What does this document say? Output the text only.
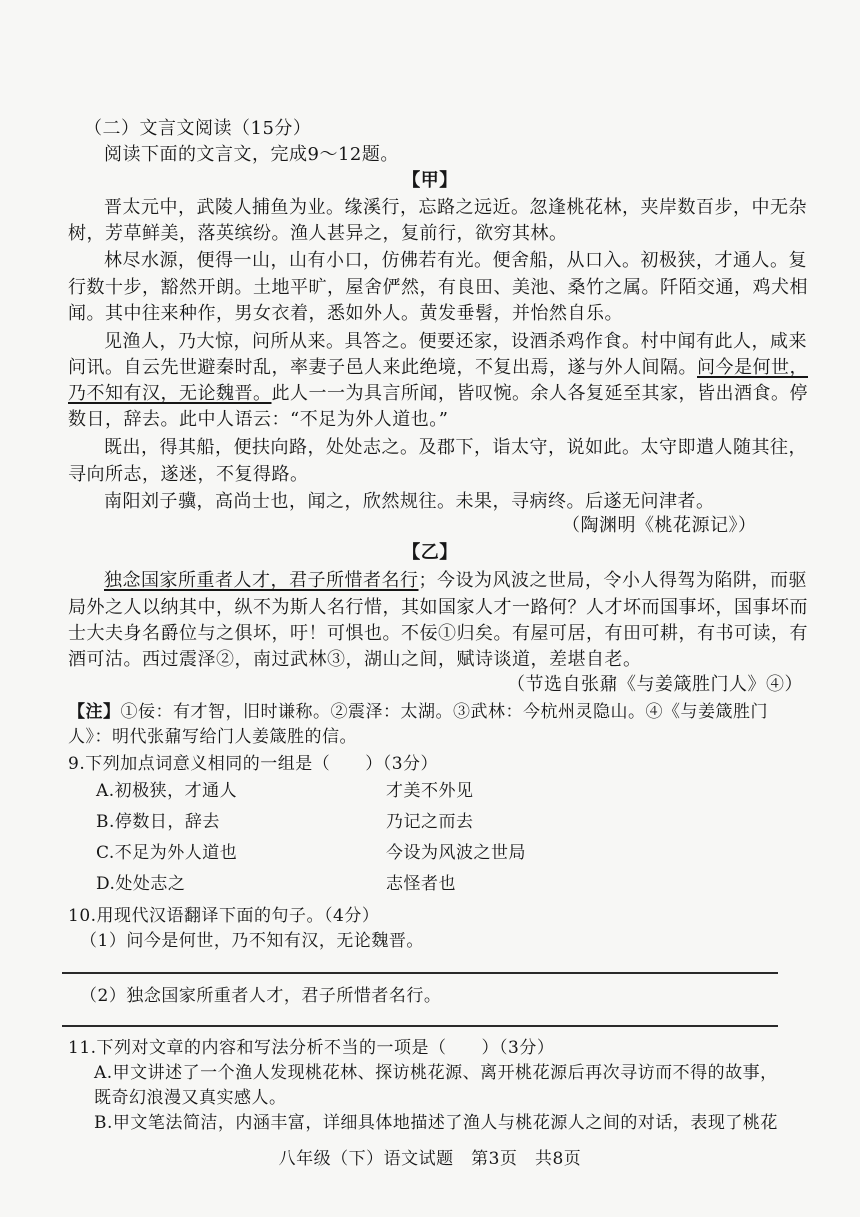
（二）文言文阅读（15分）
阅读下面的文言文，完成9～12题。
【甲】
晋太元中，武陵人捕鱼为业。缘溪行，忘路之远近。忽逢桃花林，夹岸数百步，中无杂
树，芳草鲜美，落英缤纷。渔人甚异之，复前行，欲穷其林。
林尽水源，便得一山，山有小口，仿佛若有光。便舍船，从口入。初极狭，才通人。复
行数十步，豁然开朗。土地平旷，屋舍俨然，有良田、美池、桑竹之属。阡陌交通，鸡犬相
闻。其中往来种作，男女衣着，悉如外人。黄发垂髫，并怡然自乐。
见渔人，乃大惊，问所从来。具答之。便要还家，设酒杀鸡作食。村中闻有此人，咸来
问讯。自云先世避秦时乱，率妻子邑人来此绝境，不复出焉，遂与外人间隔。问今是何世，
乃不知有汉，无论魏晋。此人一一为具言所闻，皆叹惋。余人各复延至其家，皆出酒食。停
数日，辞去。此中人语云：“不足为外人道也。”
既出，得其船，便扶向路，处处志之。及郡下，诣太守，说如此。太守即遣人随其往，
寻向所志，遂迷，不复得路。
南阳刘子骥，高尚士也，闻之，欣然规往。未果，寻病终。后遂无问津者。
（陶渊明《桃花源记》）
【乙】
独念国家所重者人才，君子所惜者名行；今设为风波之世局，令小人得驾为陷阱，而驱
局外之人以纳其中，纵不为斯人名行惜，其如国家人才一路何？人才坏而国事坏，国事坏而
士大夫身名爵位与之俱坏，吁！可惧也。不佞①归矣。有屋可居，有田可耕，有书可读，有
酒可沽。西过震泽②，南过武林③，湖山之间，赋诗谈道，差堪自老。
（节选自张鼐《与姜箴胜门人》④）
【注】①佞：有才智，旧时谦称。②震泽：太湖。③武林：今杭州灵隐山。④《与姜箴胜门
人》：明代张鼐写给门人姜箴胜的信。
9.下列加点词意义相同的一组是（　　）（3分）
A.初极狭，才通人	才美不外见
B.停数日，辞去	乃记之而去
C.不足为外人道也	今设为风波之世局
D.处处志之	志怪者也
10.用现代汉语翻译下面的句子。（4分）
（1）问今是何世，乃不知有汉，无论魏晋。
（2）独念国家所重者人才，君子所惜者名行。
11.下列对文章的内容和写法分析不当的一项是（　　）（3分）
A.甲文讲述了一个渔人发现桃花林、探访桃花源、离开桃花源后再次寻访而不得的故事，
既奇幻浪漫又真实感人。
B.甲文笔法简洁，内涵丰富，详细具体地描述了渔人与桃花源人之间的对话，表现了桃花
八年级（下）语文试题　第3页　共8页
